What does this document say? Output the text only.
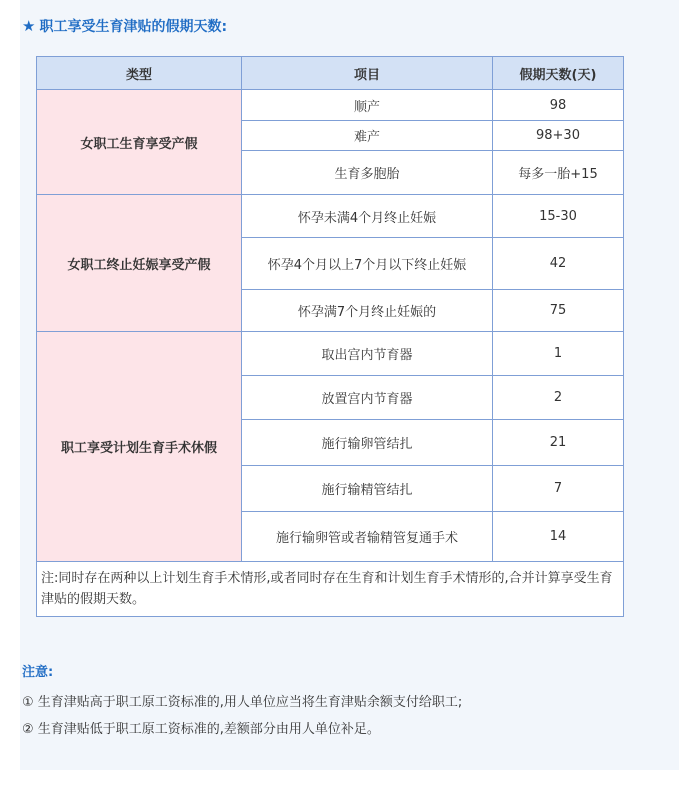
★ 职工享受生育津贴的假期天数:
类型	项目	假期天数(天)
女职工生育享受产假	顺产	98
	难产	98+30
	生育多胞胎	每多一胎+15
女职工终止妊娠享受产假	怀孕未满4个月终止妊娠	15-30
	怀孕4个月以上7个月以下终止妊娠	42
	怀孕满7个月终止妊娠的	75
职工享受计划生育手术休假	取出宫内节育器	1
	放置宫内节育器	2
	施行输卵管结扎	21
	施行输精管结扎	7
	施行输卵管或者输精管复通手术	14
注:同时存在两种以上计划生育手术情形,或者同时存在生育和计划生育手术情形的,合并计算享受生育津贴的假期天数。		
注意:
① 生育津贴高于职工原工资标准的,用人单位应当将生育津贴余额支付给职工;
② 生育津贴低于职工原工资标准的,差额部分由用人单位补足。
